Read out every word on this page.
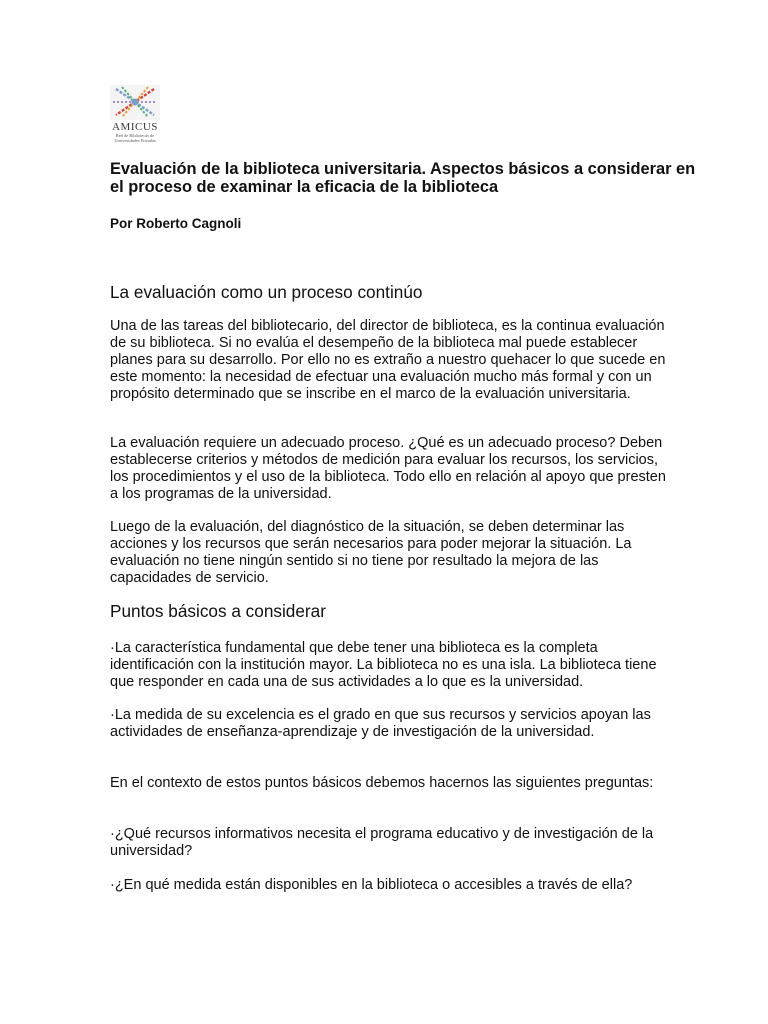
AMICUS
Red de Bibliotecas de Universidades Privadas
Evaluación de la biblioteca universitaria. Aspectos básicos a considerar en el proceso de examinar la eficacia de la biblioteca

Por Roberto Cagnoli

La evaluación como un proceso continúo

Una de las tareas del bibliotecario, del director de biblioteca, es la continua evaluación de su biblioteca. Si no evalúa el desempeño de la biblioteca mal puede establecer planes para su desarrollo. Por ello no es extraño a nuestro quehacer lo que sucede en este momento: la necesidad de efectuar una evaluación mucho más formal y con un propósito determinado que se inscribe en el marco de la evaluación universitaria.

La evaluación requiere un adecuado proceso. ¿Qué es un adecuado proceso? Deben establecerse criterios y métodos de medición para evaluar los recursos, los servicios, los procedimientos y el uso de la biblioteca. Todo ello en relación al apoyo que presten a los programas de la universidad.

Luego de la evaluación, del diagnóstico de la situación, se deben determinar las acciones y los recursos que serán necesarios para poder mejorar la situación. La evaluación no tiene ningún sentido si no tiene por resultado la mejora de las capacidades de servicio.

Puntos básicos a considerar

·La característica fundamental que debe tener una biblioteca es la completa identificación con la institución mayor. La biblioteca no es una isla. La biblioteca tiene que responder en cada una de sus actividades a lo que es la universidad.

·La medida de su excelencia es el grado en que sus recursos y servicios apoyan las actividades de enseñanza-aprendizaje y de investigación de la universidad.

En el contexto de estos puntos básicos debemos hacernos las siguientes preguntas:

·¿Qué recursos informativos necesita el programa educativo y de investigación de la universidad?

·¿En qué medida están disponibles en la biblioteca o accesibles a través de ella?
